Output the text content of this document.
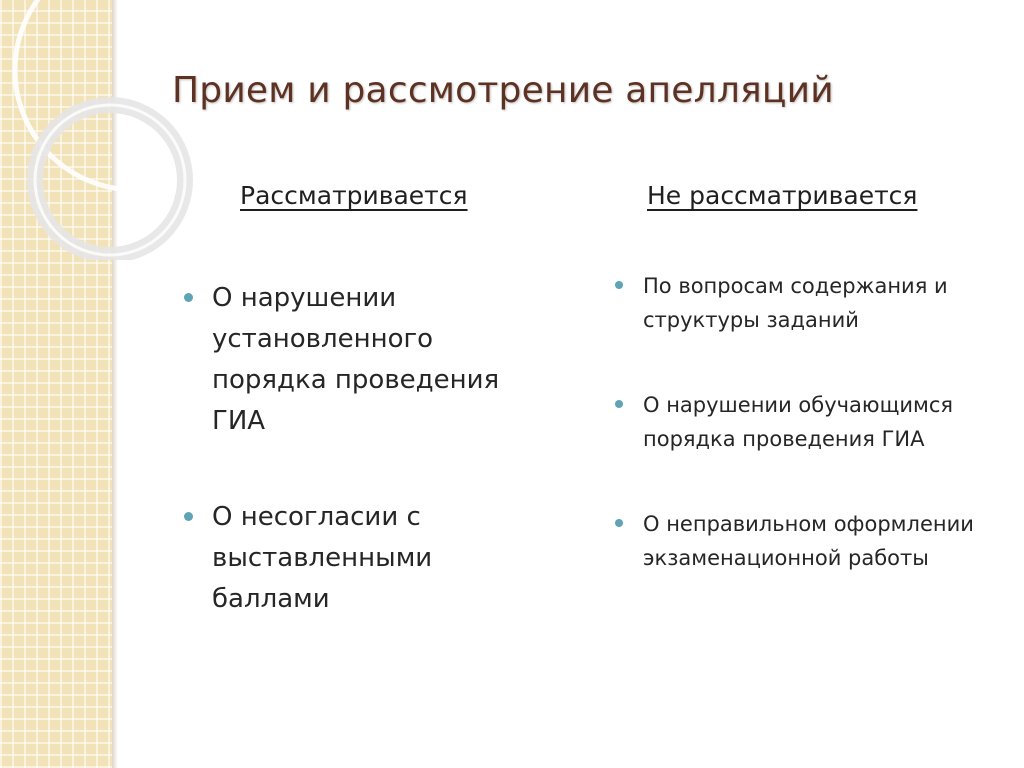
Прием и рассмотрение апелляций
Рассматривается	Не рассматривается
О нарушении установленного порядка проведения ГИА
О несогласии с выставленными баллами
По вопросам содержания и структуры заданий
О нарушении обучающимся порядка проведения ГИА
О неправильном оформлении экзаменационной работы
